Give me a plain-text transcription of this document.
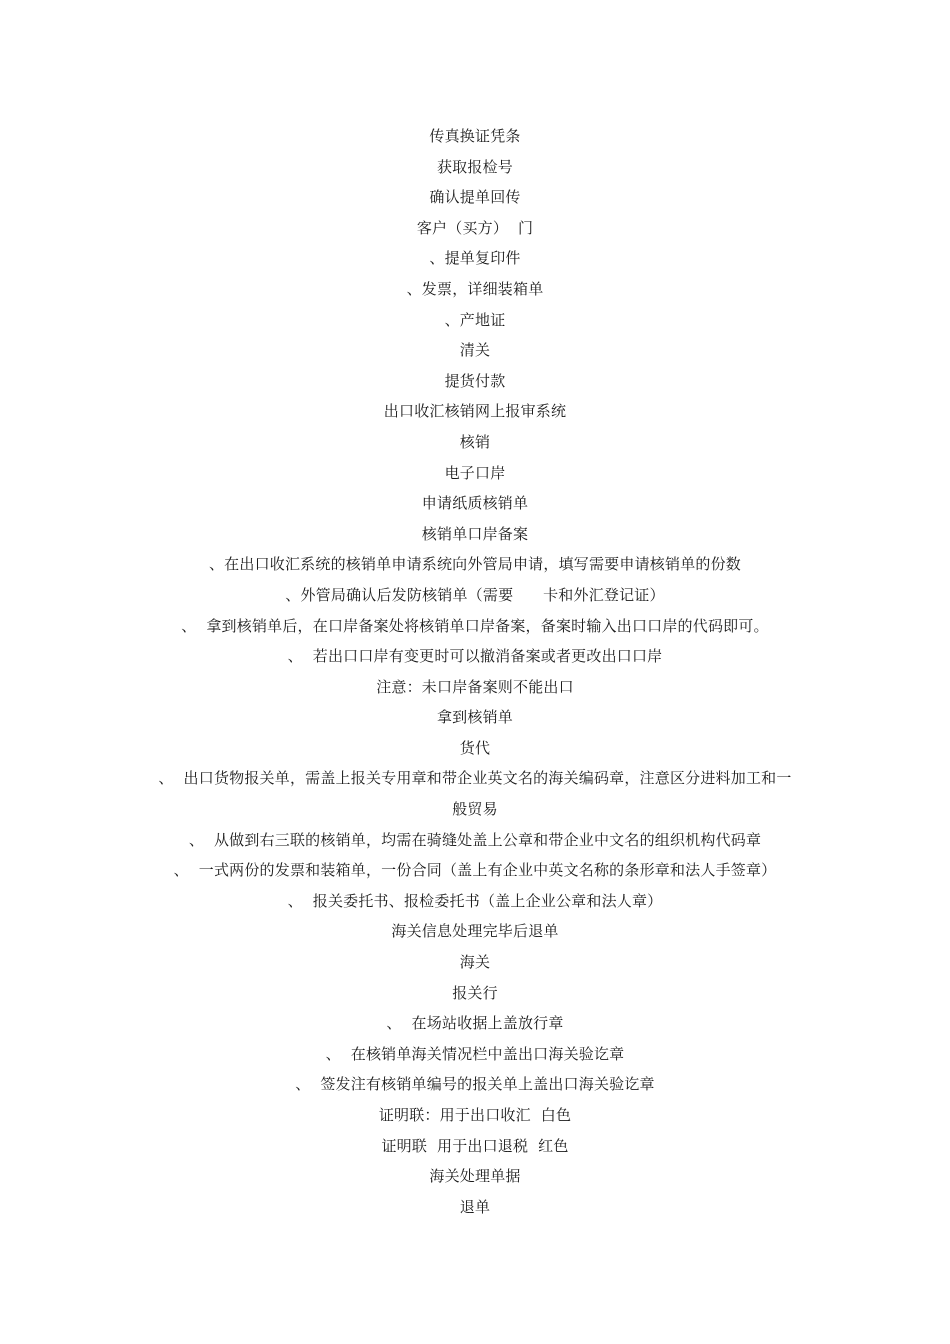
传真换证凭条
获取报检号
确认提单回传
客户（买方）  门
、提单复印件
、发票，详细装箱单
、产地证
清关
提货付款
出口收汇核销网上报审系统
核销
电子口岸
申请纸质核销单
核销单口岸备案
、在出口收汇系统的核销单申请系统向外管局申请，填写需要申请核销单的份数
、外管局确认后发防核销单（需要      卡和外汇登记证）
、  拿到核销单后，在口岸备案处将核销单口岸备案，备案时输入出口口岸的代码即可。
、  若出口口岸有变更时可以撤消备案或者更改出口口岸
注意：未口岸备案则不能出口
拿到核销单
货代
、  出口货物报关单，需盖上报关专用章和带企业英文名的海关编码章，注意区分进料加工和一
般贸易
、  从做到右三联的核销单，均需在骑缝处盖上公章和带企业中文名的组织机构代码章
、  一式两份的发票和装箱单，一份合同（盖上有企业中英文名称的条形章和法人手签章）
、  报关委托书、报检委托书（盖上企业公章和法人章）
海关信息处理完毕后退单
海关
报关行
、  在场站收据上盖放行章
、  在核销单海关情况栏中盖出口海关验讫章
、  签发注有核销单编号的报关单上盖出口海关验讫章
证明联：用于出口收汇  白色
证明联  用于出口退税  红色
海关处理单据
退单
